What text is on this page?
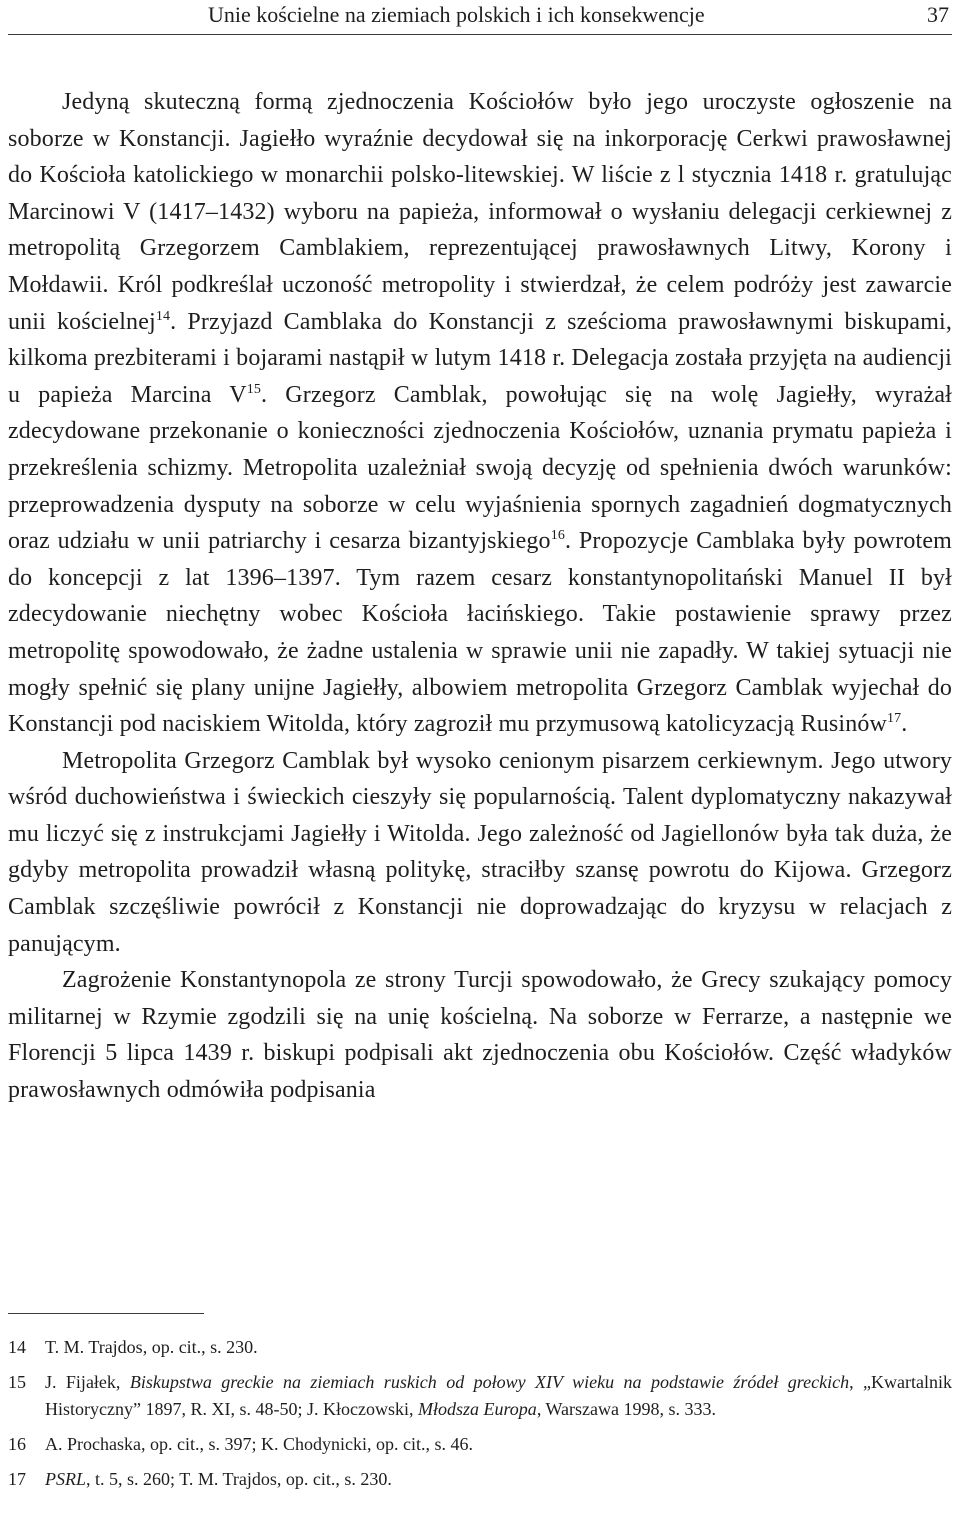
Unie kościelne na ziemiach polskich i ich konsekwencje	37

Jedyną skuteczną formą zjednoczenia Kościołów było jego uroczyste ogłoszenie na soborze w Konstancji. Jagiełło wyraźnie decydował się na inkorporację Cerkwi prawosławnej do Kościoła katolickiego w monarchii polsko-litewskiej. W liście z l stycznia 1418 r. gratulując Marcinowi V (1417–1432) wyboru na papieża, informował o wysłaniu delegacji cerkiewnej z metropolitą Grzegorzem Camblakiem, reprezentującej prawosławnych Litwy, Korony i Mołdawii. Król podkreślał uczoność metropolity i stwierdzał, że celem podróży jest zawarcie unii kościelnej$^{14}$. Przyjazd Camblaka do Konstancji z sześcioma prawosławnymi biskupami, kilkoma prezbiterami i bojarami nastąpił w lutym 1418 r. Delegacja została przyjęta na audiencji u papieża Marcina $V^{15}$. Grzegorz Camblak, powołując się na wolę Jagiełły, wyrażał zdecydowane przekonanie o konieczności zjednoczenia Kościołów, uznania prymatu papieża i przekreślenia schizmy. Metropolita uzależniał swoją decyzję od spełnienia dwóch warunków: przeprowadzenia dysputy na soborze w celu wyjaśnienia spornych zagadnień dogmatycznych oraz udziału w unii patriarchy i cesarza bizantyjskiego$^{16}$. Propozycje Camblaka były powrotem do koncepcji z lat 1396–1397. Tym razem cesarz konstantynopolitański Manuel II był zdecydowanie niechętny wobec Kościoła łacińskiego. Takie postawienie sprawy przez metropolitę spowodowało, że żadne ustalenia w sprawie unii nie zapadły. W takiej sytuacji nie mogły spełnić się plany unijne Jagiełły, albowiem metropolita Grzegorz Camblak wyjechał do Konstancji pod naciskiem Witolda, który zagroził mu przymusową katolicyzacją Rusinów$^{17}$.

Metropolita Grzegorz Camblak był wysoko cenionym pisarzem cerkiewnym. Jego utwory wśród duchowieństwa i świeckich cieszyły się popularnością. Talent dyplomatyczny nakazywał mu liczyć się z instrukcjami Jagiełły i Witolda. Jego zależność od Jagiellonów była tak duża, że gdyby metropolita prowadził własną politykę, straciłby szansę powrotu do Kijowa. Grzegorz Camblak szczęśliwie powrócił z Konstancji nie doprowadzając do kryzysu w relacjach z panującym.

Zagrożenie Konstantynopola ze strony Turcji spowodowało, że Grecy szukający pomocy militarnej w Rzymie zgodzili się na unię kościelną. Na soborze w Ferrarze, a następnie we Florencji 5 lipca 1439 r. biskupi podpisali akt zjednoczenia obu Kościołów. Część władyków prawosławnych odmówiła podpisania

14	T. M. Trajdos, op. cit., s. 230.
15	J. Fijałek, Biskupstwa greckie na ziemiach ruskich od połowy XIV wieku na podstawie źródeł greckich, „Kwartalnik Historyczny” 1897, R. XI, s. 48-50; J. Kłoczowski, Młodsza Europa, Warszawa 1998, s. 333.
16	A. Prochaska, op. cit., s. 397; K. Chodynicki, op. cit., s. 46.
17	PSRL, t. 5, s. 260; T. M. Trajdos, op. cit., s. 230.
